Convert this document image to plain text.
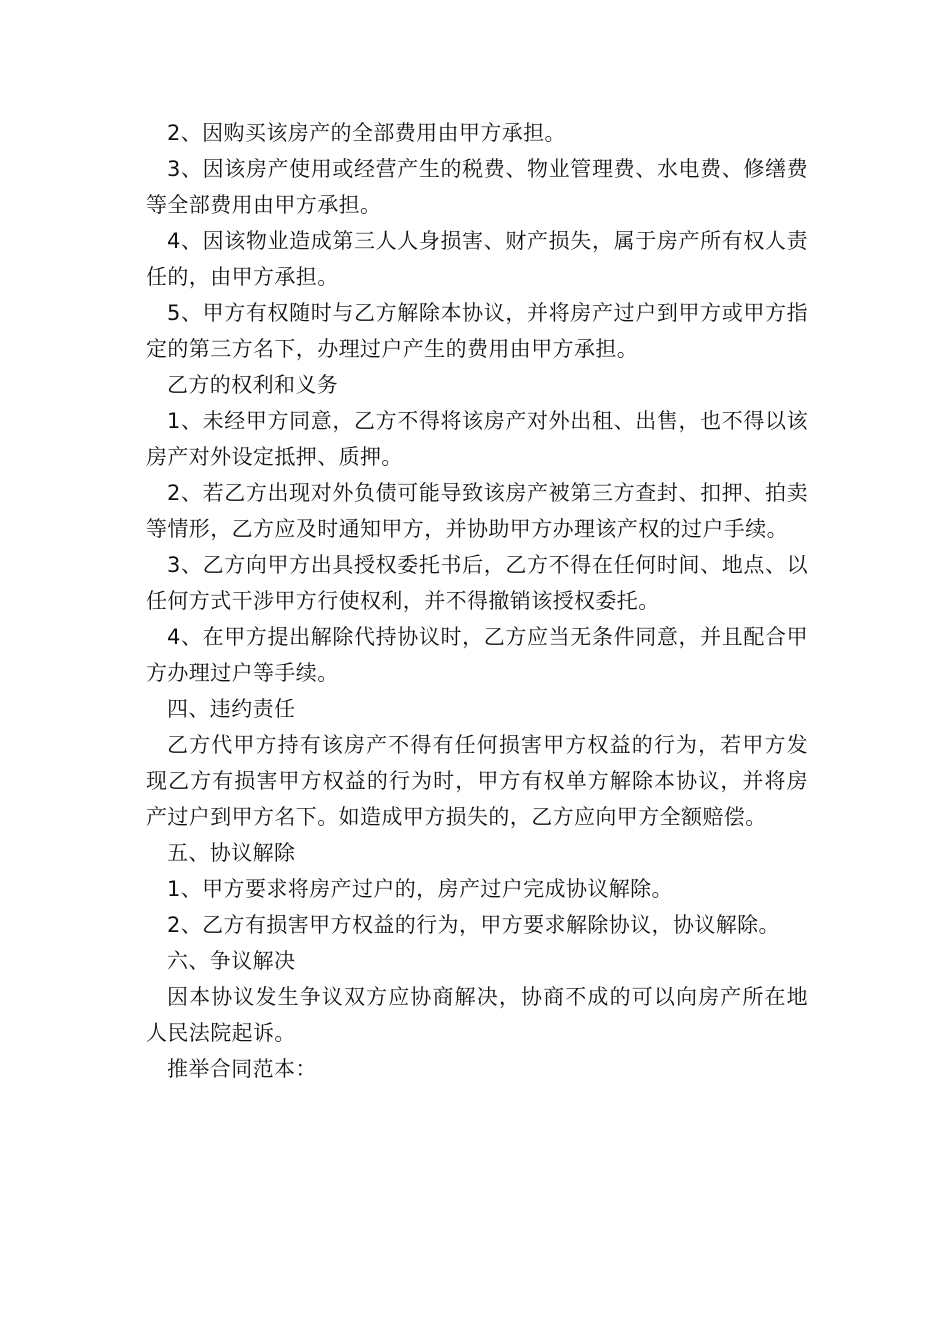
2、因购买该房产的全部费用由甲方承担。

3、因该房产使用或经营产生的税费、物业管理费、水电费、修缮费等全部费用由甲方承担。

4、因该物业造成第三人人身损害、财产损失，属于房产所有权人责任的，由甲方承担。

5、甲方有权随时与乙方解除本协议，并将房产过户到甲方或甲方指定的第三方名下，办理过户产生的费用由甲方承担。

乙方的权利和义务

1、未经甲方同意，乙方不得将该房产对外出租、出售，也不得以该房产对外设定抵押、质押。

2、若乙方出现对外负债可能导致该房产被第三方查封、扣押、拍卖等情形，乙方应及时通知甲方，并协助甲方办理该产权的过户手续。

3、乙方向甲方出具授权委托书后，乙方不得在任何时间、地点、以任何方式干涉甲方行使权利，并不得撤销该授权委托。

4、在甲方提出解除代持协议时，乙方应当无条件同意，并且配合甲方办理过户等手续。

四、违约责任

乙方代甲方持有该房产不得有任何损害甲方权益的行为，若甲方发现乙方有损害甲方权益的行为时，甲方有权单方解除本协议，并将房产过户到甲方名下。如造成甲方损失的，乙方应向甲方全额赔偿。

五、协议解除

1、甲方要求将房产过户的，房产过户完成协议解除。

2、乙方有损害甲方权益的行为，甲方要求解除协议，协议解除。

六、争议解决

因本协议发生争议双方应协商解决，协商不成的可以向房产所在地人民法院起诉。

推举合同范本：
